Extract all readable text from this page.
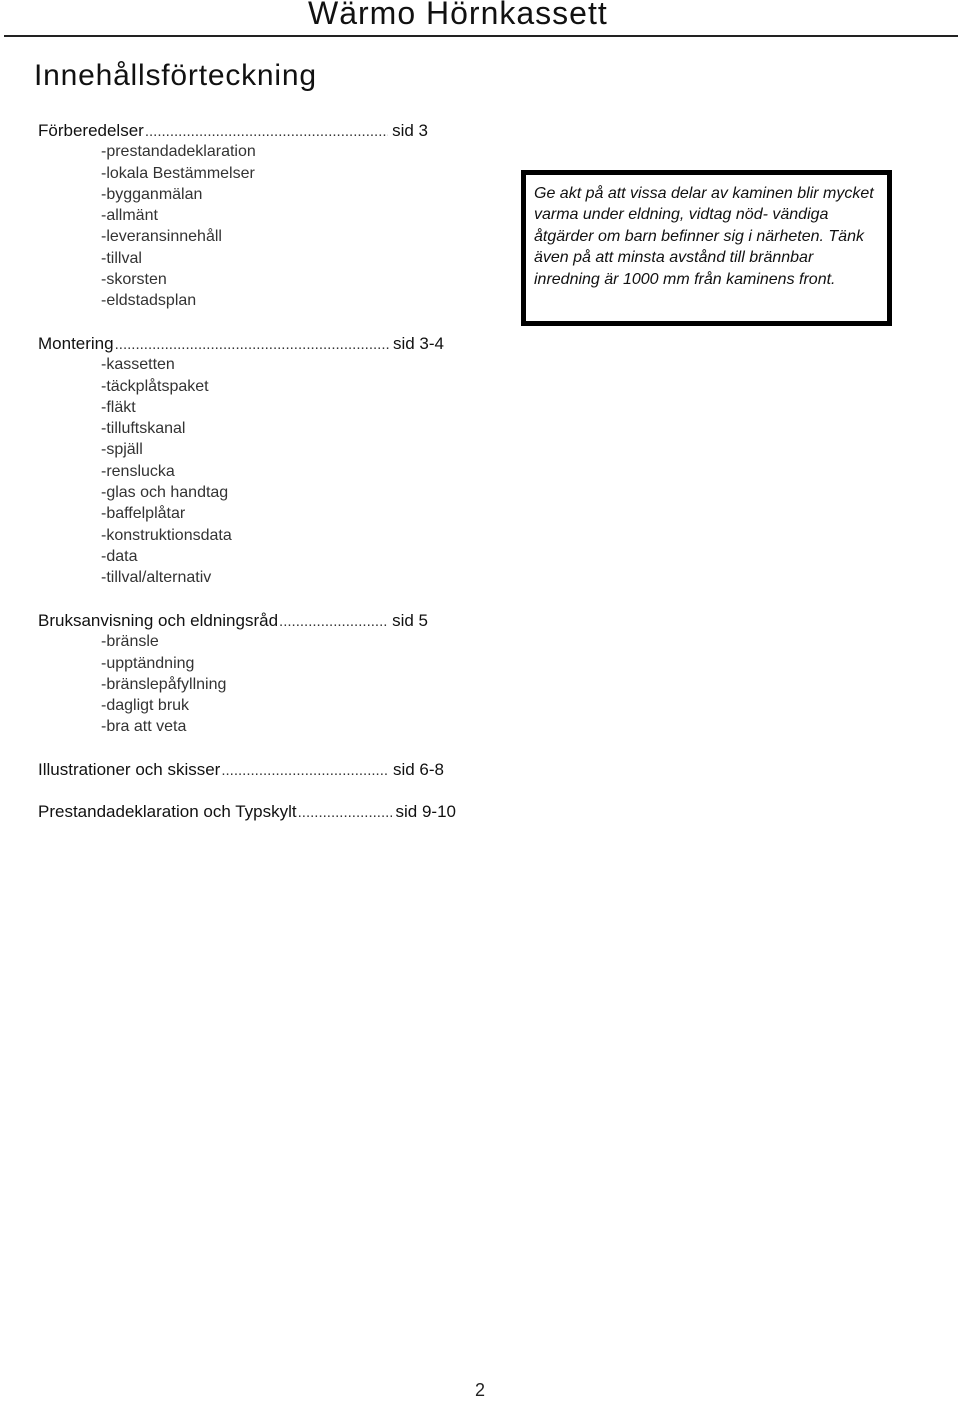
Wärmo Hörnkassett
Innehållsförteckning
Förberedelser .....	sid 3
-prestandadeklaration
-lokala Bestämmelser
-bygganmälan
-allmänt
-leveransinnehåll
-tillval
-skorsten
-eldstadsplan
Montering .....	sid 3-4
-kassetten
-täckplåtspaket
-fläkt
-tilluftskanal
-spjäll
-renslucka
-glas och handtag
-baffelplåtar
-konstruktionsdata
-data
-tillval/alternativ
Bruksanvisning och eldningsråd .....	sid 5
-bränsle
-upptändning
-bränslepåfyllning
-dagligt bruk
-bra att veta
Illustrationer och skisser .....	sid 6-8
Prestandadeklaration och Typskylt .....	sid 9-10

Ge akt på att vissa delar av kaminen blir mycket varma under eldning, vidtag nöd- vändiga åtgärder om barn befinner sig i närheten. Tänk även på att minsta avstånd till brännbar inredning är 1000 mm från kaminens front.

2
